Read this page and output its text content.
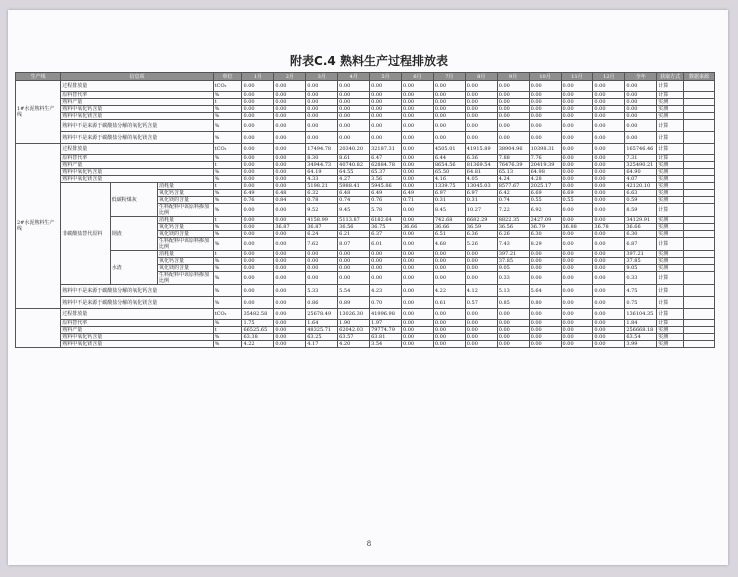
附表C.4 熟料生产过程排放表
生产线	信息项			单位	1月	2月	3月	4月	5月	6月	7月	8月	9月	10月	11月	12月	全年	获取方式	数据来源
1#水泥熟料生产线	过程排放量			tCO₂	0.00	0.00	0.00	0.00	0.00	0.00	0.00	0.00	0.00	0.00	0.00	0.00	0.00	计算	
	原料替代率			%	0.00	0.00	0.00	0.00	0.00	0.00	0.00	0.00	0.00	0.00	0.00	0.00	0.00	计算	
	熟料产量			t	0.00	0.00	0.00	0.00	0.00	0.00	0.00	0.00	0.00	0.00	0.00	0.00	0.00	实测	
	熟料中氧化钙含量			%	0.00	0.00	0.00	0.00	0.00	0.00	0.00	0.00	0.00	0.00	0.00	0.00	0.00	实测	
	熟料中氧化镁含量			%	0.00	0.00	0.00	0.00	0.00	0.00	0.00	0.00	0.00	0.00	0.00	0.00	0.00	实测	
	熟料中不是来源于碳酸盐分解的氧化钙含量			%	0.00	0.00	0.00	0.00	0.00	0.00	0.00	0.00	0.00	0.00	0.00	0.00	0.00	计算	
	熟料中不是来源于碳酸盐分解的氧化镁含量			%	0.00	0.00	0.00	0.00	0.00	0.00	0.00	0.00	0.00	0.00	0.00	0.00	0.00	计算	
2#水泥熟料生产线	过程排放量			tCO₂	0.00	0.00	17494.78	20340.20	32187.31	0.00	4505.01	41915.89	38904.96	10398.31	0.00	0.00	165746.46	计算	
	原料替代率			%	0.00	0.00	8.30	8.61	6.47	0.00	6.44	6.36	7.88	7.76	0.00	0.00	7.31	计算	
	熟料产量			t	0.00	0.00	34944.73	40740.82	62884.78	0.00	8654.56	81369.54	76476.39	20419.39	0.00	0.00	325490.21	实测	
	熟料中氧化钙含量			%	0.00	0.00	64.19	64.55	65.37	0.00	65.50	64.81	65.13	64.98	0.00	0.00	64.90	实测	
	熟料中氧化镁含量			%	0.00	0.00	4.33	4.27	3.56	0.00	4.16	4.05	4.24	4.28	0.00	0.00	4.07	实测	
	非碳酸盐替代原料	低碳粉煤灰	消耗量	t	0.00	0.00	5198.21	5988.41	5945.86	0.00	1339.75	13045.03	8577.67	2025.17	0.00	0.00	42120.10	实测	
			氧化钙含量	%	6.49	6.48	6.32	6.48	6.49	6.49	6.97	6.97	6.42	6.69	6.69	0.00	6.63	实测	
			氧化镁的含量	%	0.76	0.84	0.78	0.74	0.76	0.71	0.31	0.31	0.74	0.55	0.55	0.00	0.59	实测	
			生料配料中该原料掺加比例	%	0.00	0.00	9.52	9.45	5.78	0.00	8.45	10.27	7.22	6.92	0.00	0.00	8.59	计算	
		钢渣	消耗量	t	0.00	0.00	4158.99	5113.87	6182.64	0.00	742.68	6682.29	8822.35	2427.09	0.00	0.00	34129.91	实测	
			氧化钙含量	%	0.00	36.87	36.87	36.56	36.75	36.66	36.66	36.59	36.56	36.79	36.88	36.78	36.66	实测	
			氧化镁的含量	%	0.00	0.00	6.24	6.21	6.37	0.00	6.51	6.36	6.26	6.30	0.00	0.00	6.30	实测	
			生料配料中该原料掺加比例	%	0.00	0.00	7.62	8.07	6.01	0.00	4.68	5.26	7.43	8.29	0.00	0.00	6.87	计算	
		水渣	消耗量	t	0.00	0.00	0.00	0.00	0.00	0.00	0.00	0.00	397.21	0.00	0.00	0.00	397.21	实测	
			氧化钙含量	%	0.00	0.00	0.00	0.00	0.00	0.00	0.00	0.00	37.85	0.00	0.00	0.00	37.85	实测	
			氧化镁的含量	%	0.00	0.00	0.00	0.00	0.00	0.00	0.00	0.00	9.05	0.00	0.00	0.00	9.05	实测	
			生料配料中该原料掺加比例	%	0.00	0.00	0.00	0.00	0.00	0.00	0.00	0.00	0.33	0.00	0.00	0.00	0.33	计算	
	熟料中不是来源于碳酸盐分解的氧化钙含量			%	0.00	0.00	5.33	5.54	4.23	0.00	4.22	4.12	5.13	5.64	0.00	0.00	4.75	计算	
	熟料中不是来源于碳酸盐分解的氧化镁含量			%	0.00	0.00	0.86	0.89	0.70	0.00	0.61	0.57	0.85	0.80	0.00	0.00	0.75	计算	
	过程排放量			tCO₂	35482.58	0.00	25678.49	13026.30	41996.98	0.00	0.00	0.00	0.00	0.00	0.00	0.00	136104.35	计算	
	原料替代率			%	1.75	0.00	1.64	1.90	1.97	0.00	0.00	0.00	0.00	0.00	0.00	0.00	1.84	计算	
	熟料产量			t	66525.65	0.00	48325.71	62042.03	79774.79	0.00	0.00	0.00	0.00	0.00	0.00	0.00	256668.18	实测	
	熟料中氧化钙含量			%	63.38	0.00	63.25	63.57	63.81	0.00	0.00	0.00	0.00	0.00	0.00	0.00	63.54	实测	
	熟料中氧化镁含量			%	4.22	0.00	4.17	4.20	3.54	0.00	0.00	0.00	0.00	0.00	0.00	0.00	3.99	实测	
8
